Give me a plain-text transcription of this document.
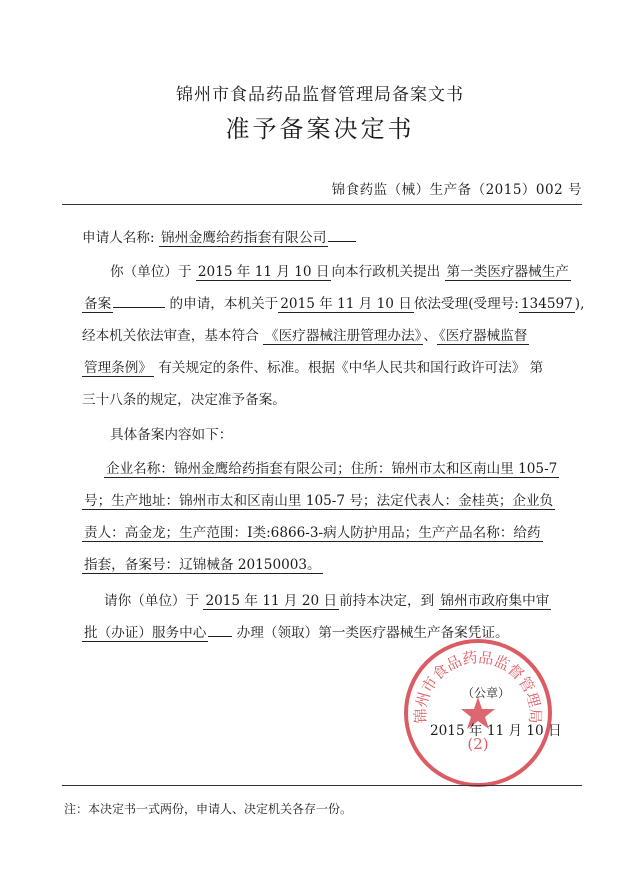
锦州市食品药品监督管理局备案文书
准予备案决定书
锦食药监（械）生产备（2015）002 号
申请人名称: 锦州金鹰给药指套有限公司
你（单位）于 2015 年 11 月 10 日 向本行政机关提出 第一类医疗器械生产
备案	的申请，本机关于 2015 年 11 月 10 日 依法受理(受理号: 134597 ),
经本机关依法审查，基本符合 《医疗器械注册管理办法》 、 《医疗器械监督
管理条例》 有关规定的条件、标准。根据《中华人民共和国行政许可法》 第
三十八条的规定，决定准予备案。
具体备案内容如下：
企业名称：锦州金鹰给药指套有限公司；住所：锦州市太和区南山里 105-7
号；生产地址：锦州市太和区南山里 105-7 号；法定代表人：金桂英；企业负
责人：高金龙；生产范围：Ⅰ类:6866-3-病人防护用品；生产产品名称：给药
指套，备案号：辽锦械备 20150003。
请你（单位）于 2015 年 11 月 20 日 前持本决定，到 锦州市政府集中审
批（办证）服务中心 办理（领取）第一类医疗器械生产备案凭证。
锦州市食品药品监督管理局
(2)
（公章）
2015 年 11 月 10 日
注：本决定书一式两份，申请人、决定机关各存一份。
